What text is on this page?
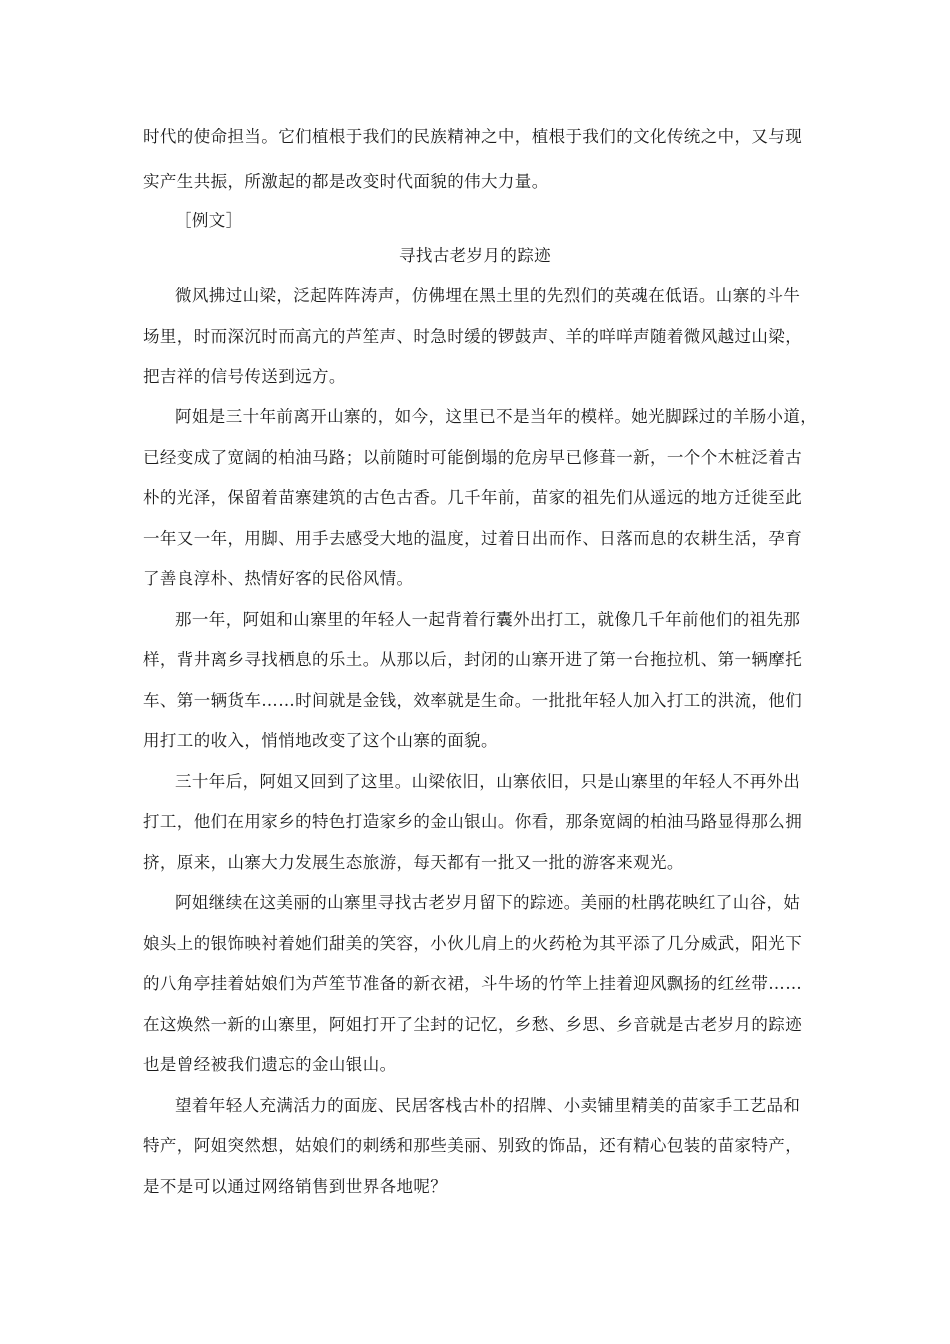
时代的使命担当。它们植根于我们的民族精神之中，植根于我们的文化传统之中，又与现
实产生共振，所激起的都是改变时代面貌的伟大力量。
［例文］
寻找古老岁月的踪迹
微风拂过山梁，泛起阵阵涛声，仿佛埋在黑土里的先烈们的英魂在低语。山寨的斗牛
场里，时而深沉时而高亢的芦笙声、时急时缓的锣鼓声、羊的咩咩声随着微风越过山梁，
把吉祥的信号传送到远方。
阿姐是三十年前离开山寨的，如今，这里已不是当年的模样。她光脚踩过的羊肠小道，
已经变成了宽阔的柏油马路；以前随时可能倒塌的危房早已修葺一新，一个个木桩泛着古
朴的光泽，保留着苗寨建筑的古色古香。几千年前，苗家的祖先们从遥远的地方迁徙至此
一年又一年，用脚、用手去感受大地的温度，过着日出而作、日落而息的农耕生活，孕育
了善良淳朴、热情好客的民俗风情。
那一年，阿姐和山寨里的年轻人一起背着行囊外出打工，就像几千年前他们的祖先那
样，背井离乡寻找栖息的乐土。从那以后，封闭的山寨开进了第一台拖拉机、第一辆摩托
车、第一辆货车……时间就是金钱，效率就是生命。一批批年轻人加入打工的洪流，他们
用打工的收入，悄悄地改变了这个山寨的面貌。
三十年后，阿姐又回到了这里。山梁依旧，山寨依旧，只是山寨里的年轻人不再外出
打工，他们在用家乡的特色打造家乡的金山银山。你看，那条宽阔的柏油马路显得那么拥
挤，原来，山寨大力发展生态旅游，每天都有一批又一批的游客来观光。
阿姐继续在这美丽的山寨里寻找古老岁月留下的踪迹。美丽的杜鹃花映红了山谷，姑
娘头上的银饰映衬着她们甜美的笑容，小伙儿肩上的火药枪为其平添了几分威武，阳光下
的八角亭挂着姑娘们为芦笙节准备的新衣裙，斗牛场的竹竿上挂着迎风飘扬的红丝带……
在这焕然一新的山寨里，阿姐打开了尘封的记忆，乡愁、乡思、乡音就是古老岁月的踪迹
也是曾经被我们遗忘的金山银山。
望着年轻人充满活力的面庞、民居客栈古朴的招牌、小卖铺里精美的苗家手工艺品和
特产，阿姐突然想，姑娘们的刺绣和那些美丽、别致的饰品，还有精心包装的苗家特产，
是不是可以通过网络销售到世界各地呢？
